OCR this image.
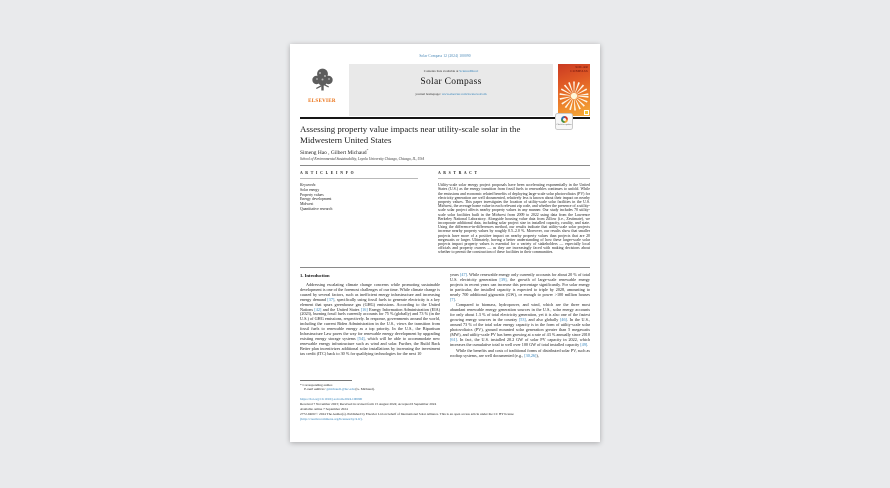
Solar Compass 12 (2024) 100090
ELSEVIER
Contents lists available at ScienceDirect
Solar Compass
journal homepage: www.elsevier.com/locate/solcom
SOLAR
COMPASS
Assessing property value impacts near utility-scale solar in the Midwestern United States
Check for updates
Simeng Hao , Gilbert Michaud*
School of Environmental Sustainability, Loyola University Chicago, Chicago, IL, USA
A R T I C L E I N F O
Keywords:
Solar energy
Property values
Energy development
Midwest
Quantitative research
A B S T R A C T
Utility-scale solar energy project proposals have been accelerating exponentially in the United States (U.S.) as the energy transition from fossil fuels to renewables continues to unfold. While the emissions and economic related benefits of deploying large-scale solar photovoltaics (PV) for electricity generation are well documented, relatively less is known about their impact on nearby property values. This paper investigates the location of utility-scale solar facilities in the U.S. Midwest, the average home value in each relevant zip code, and whether the presence of a utility-scale solar project affects nearby property values in any manner. Our study includes 70 utility-scale solar facilities built in the Midwest from 2009 to 2022 using data from the Lawrence Berkeley National Laboratory. Alongside housing value data from Zillow (i.e., Zestimate), we incorporate additional data, including solar project size in installed capacity, rurality, and state. Using the difference-in-differences method, our results indicate that utility-scale solar projects increase nearby property values by roughly 0.5–2.0 %. Moreover, our results show that smaller projects have more of a positive impact on nearby property values than projects that are 20 megawatts or larger. Ultimately, having a better understanding of how these larger-scale solar projects impact property values is essential for a variety of stakeholders — especially local officials and property owners — as they are increasingly faced with making decisions about whether to permit the construction of these facilities in their communities.
1. Introduction

Addressing escalating climate change concerns while promoting sustainable development is one of the foremost challenges of our time. While climate change is caused by several factors, such as inefficient energy infrastructure and increasing energy demand [37], specifically using fossil fuels to generate electricity is a key element that spurs greenhouse gas (GHG) emissions. According to the United Nations [42] and the United States [16] Energy Information Administration (EIA) (2023), burning fossil fuels currently accounts for 75 % (globally) and 73 % (in the U.S.) of GHG emissions, respectively. In response, governments around the world, including the current Biden Administration in the U.S., views the transition from fossil fuels to renewable energy as a top priority. In the U.S., the Bipartisan Infrastructure Law paves the way for renewable energy development by upgrading existing energy storage systems [54], which will be able to accommodate new renewable energy infrastructure such as wind and solar. Further, the Build Back Better plan incentivizes additional solar installations by increasing the investment tax credit (ITC) back to 30 % for qualifying technologies for the next 10

years [47]. While renewable energy only currently accounts for about 20 % of total U.S. electricity generation [39], the growth of large-scale renewable energy projects in recent years can increase this percentage significantly. For solar energy in particular, the installed capacity is expected to triple by 2028, amounting to nearly 700 additional gigawatts (GW), or enough to power >100 million houses [7].

Compared to biomass, hydropower, and wind, which are the three most abundant renewable energy generation sources in the U.S., solar energy accounts for only about 1.3 % of total electricity generation, yet it is also one of the fastest growing energy sources in the country [53], and also globally [46]. In the U.S., around 73 % of the total solar energy capacity is in the form of utility-scale solar photovoltaics (PV), ground mounted solar generation greater than 5 megawatts (MW), and utility-scale PV has been growing at a rate of 43 % annually since 2010 [61]. In fact, the U.S. installed 20.2 GW of solar PV capacity in 2022, which increases the cumulative total to well over 100 GW of total installed capacity [49].

While the benefits and costs of traditional forms of distributed solar PV, such as rooftop systems, are well documented (e.g., [30,26]),

* Corresponding author.
E-mail address: gmichaud1@luc.edu (G. Michaud).
https://doi.org/10.1016/j.solcom.2024.100090
Received 7 November 2023; Received in revised form 15 August 2024; Accepted 6 September 2024
Available online 7 September 2024
2772-9400/© 2024 The Author(s). Published by Elsevier Ltd on behalf of International Solar Alliance. This is an open access article under the CC BY license
(http://creativecommons.org/licenses/by/4.0/).
